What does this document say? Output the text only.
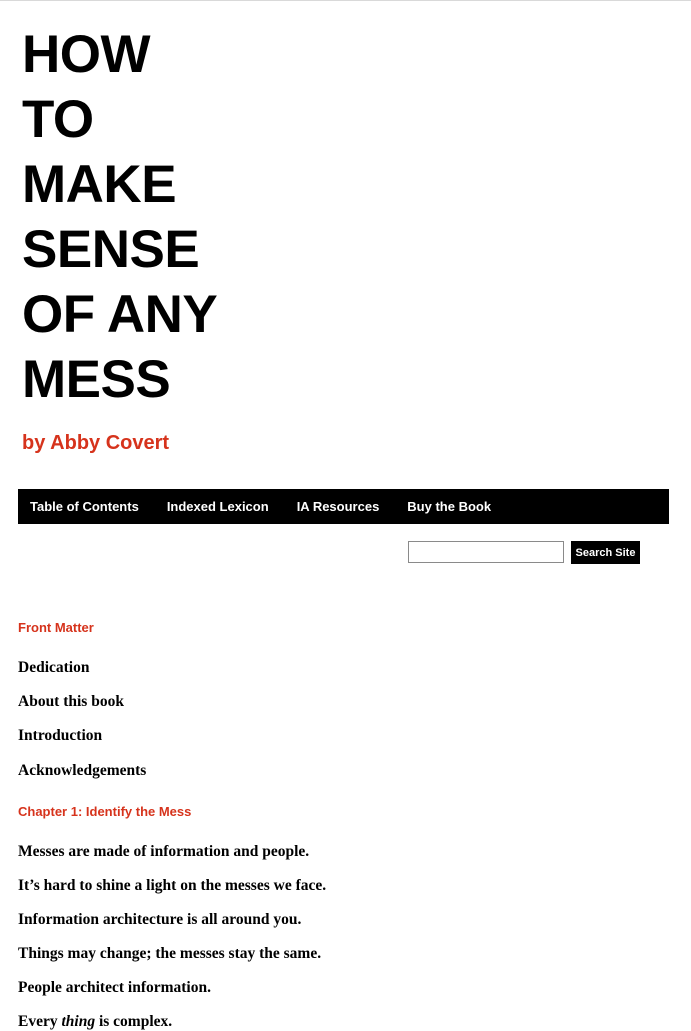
HOW
TO
MAKE
SENSE
OF ANY
MESS

by Abby Covert

Table of Contents Indexed Lexicon IA Resources Buy the Book
Search Site
Front Matter
Dedication
About this book
Introduction
Acknowledgements
Chapter 1: Identify the Mess
Messes are made of information and people.
It’s hard to shine a light on the messes we face.
Information architecture is all around you.
Things may change; the messes stay the same.
People architect information.
Every thing is complex.
